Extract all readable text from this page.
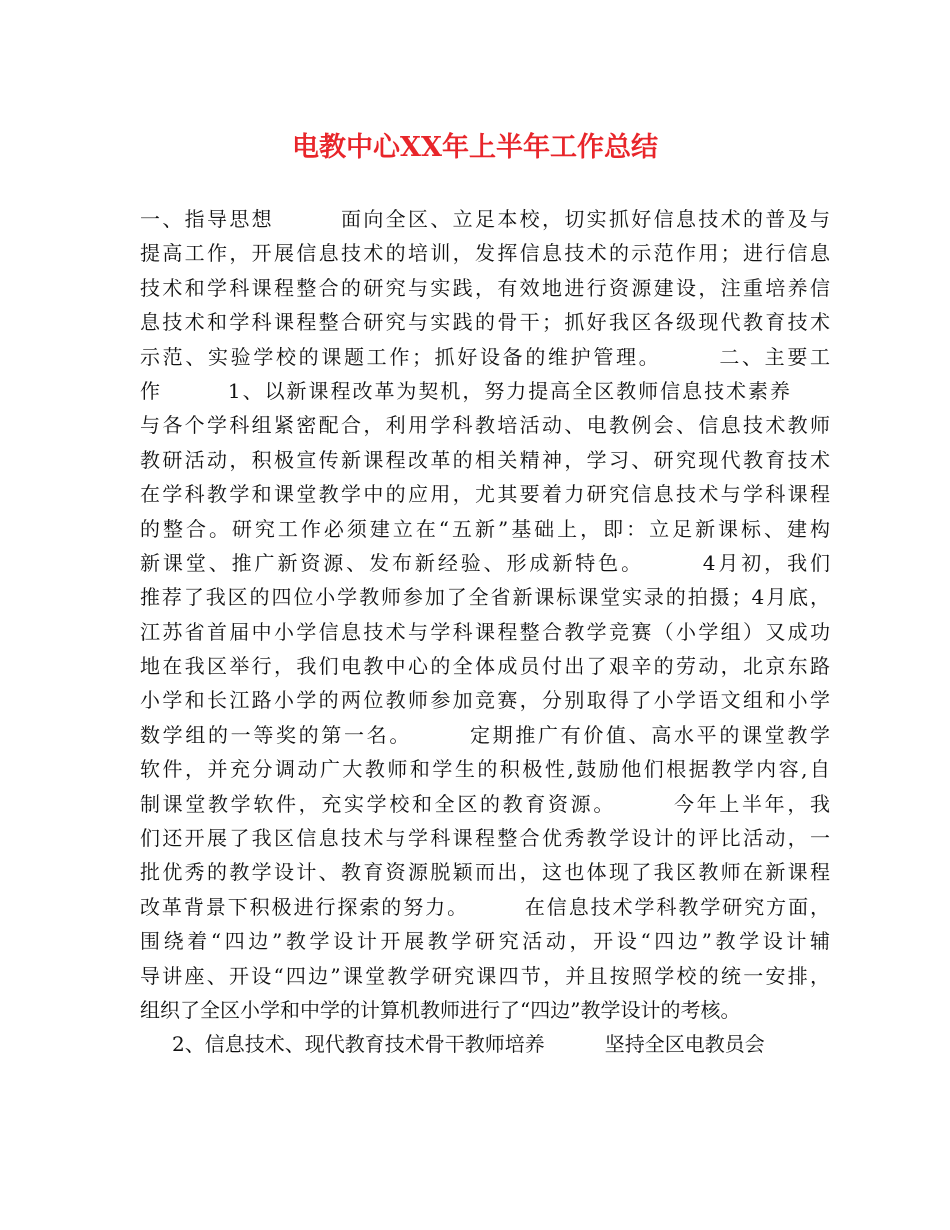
电教中心XX年上半年工作总结
一、指导思想　　　面向全区、立足本校，切实抓好信息技术的普及与
提高工作，开展信息技术的培训，发挥信息技术的示范作用；进行信息
技术和学科课程整合的研究与实践，有效地进行资源建设，注重培养信
息技术和学科课程整合研究与实践的骨干；抓好我区各级现代教育技术
示范、实验学校的课题工作；抓好设备的维护管理。　　　二、主要工
作　　　1、以新课程改革为契机，努力提高全区教师信息技术素养　　
与各个学科组紧密配合，利用学科教培活动、电教例会、信息技术教师
教研活动，积极宣传新课程改革的相关精神，学习、研究现代教育技术
在学科教学和课堂教学中的应用，尤其要着力研究信息技术与学科课程
的整合。研究工作必须建立在“五新”基础上，即：立足新课标、建构
新课堂、推广新资源、发布新经验、形成新特色。　　　4月初，我们
推荐了我区的四位小学教师参加了全省新课标课堂实录的拍摄；4月底，
江苏省首届中小学信息技术与学科课程整合教学竞赛（小学组）又成功
地在我区举行，我们电教中心的全体成员付出了艰辛的劳动，北京东路
小学和长江路小学的两位教师参加竞赛，分别取得了小学语文组和小学
数学组的一等奖的第一名。　　　定期推广有价值、高水平的课堂教学
软件，并充分调动广大教师和学生的积极性,鼓励他们根据教学内容,自
制课堂教学软件，充实学校和全区的教育资源。　　　今年上半年，我
们还开展了我区信息技术与学科课程整合优秀教学设计的评比活动，一
批优秀的教学设计、教育资源脱颖而出，这也体现了我区教师在新课程
改革背景下积极进行探索的努力。　　　在信息技术学科教学研究方面，
围绕着“四边”教学设计开展教学研究活动，开设“四边”教学设计辅
导讲座、开设“四边”课堂教学研究课四节，并且按照学校的统一安排，
组织了全区小学和中学的计算机教师进行了“四边”教学设计的考核。
2、信息技术、现代教育技术骨干教师培养　　　坚持全区电教员会
